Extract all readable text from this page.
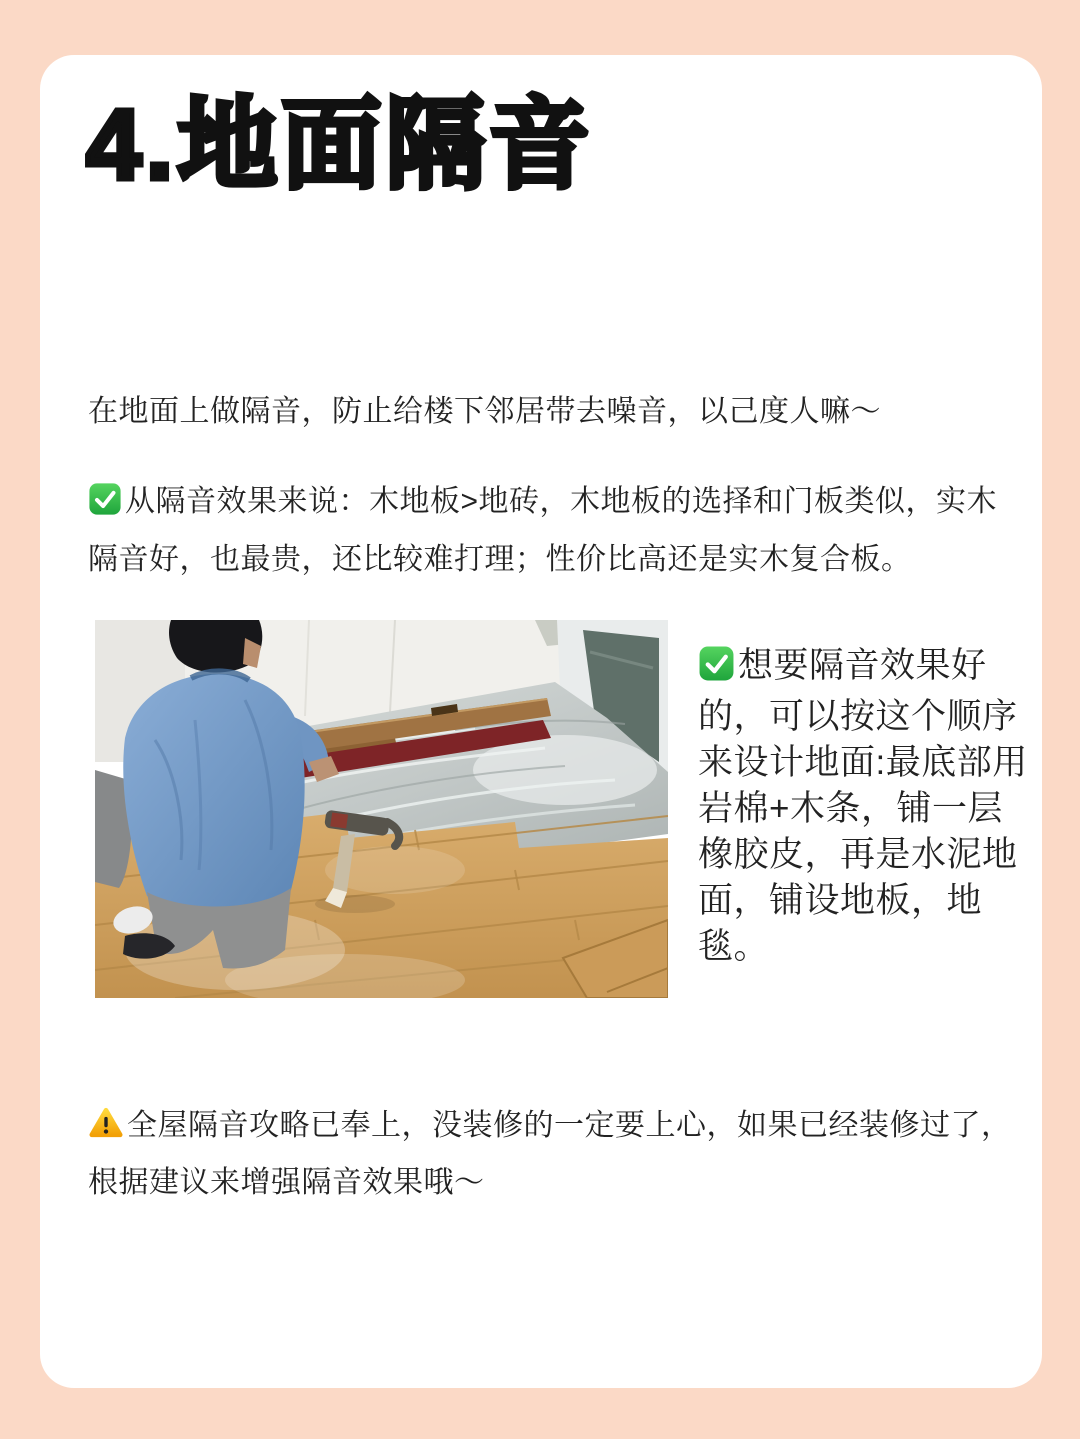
4.地面隔音

在地面上做隔音，防止给楼下邻居带去噪音，以己度人嘛～

从隔音效果来说：木地板>地砖，木地板的选择和门板类似，实木隔音好，也最贵，还比较难打理；性价比高还是实木复合板。

想要隔音效果好的，可以按这个顺序来设计地面:最底部用岩棉+木条，铺一层橡胶皮，再是水泥地面，铺设地板，地毯。

全屋隔音攻略已奉上，没装修的一定要上心，如果已经装修过了，根据建议来增强隔音效果哦～
